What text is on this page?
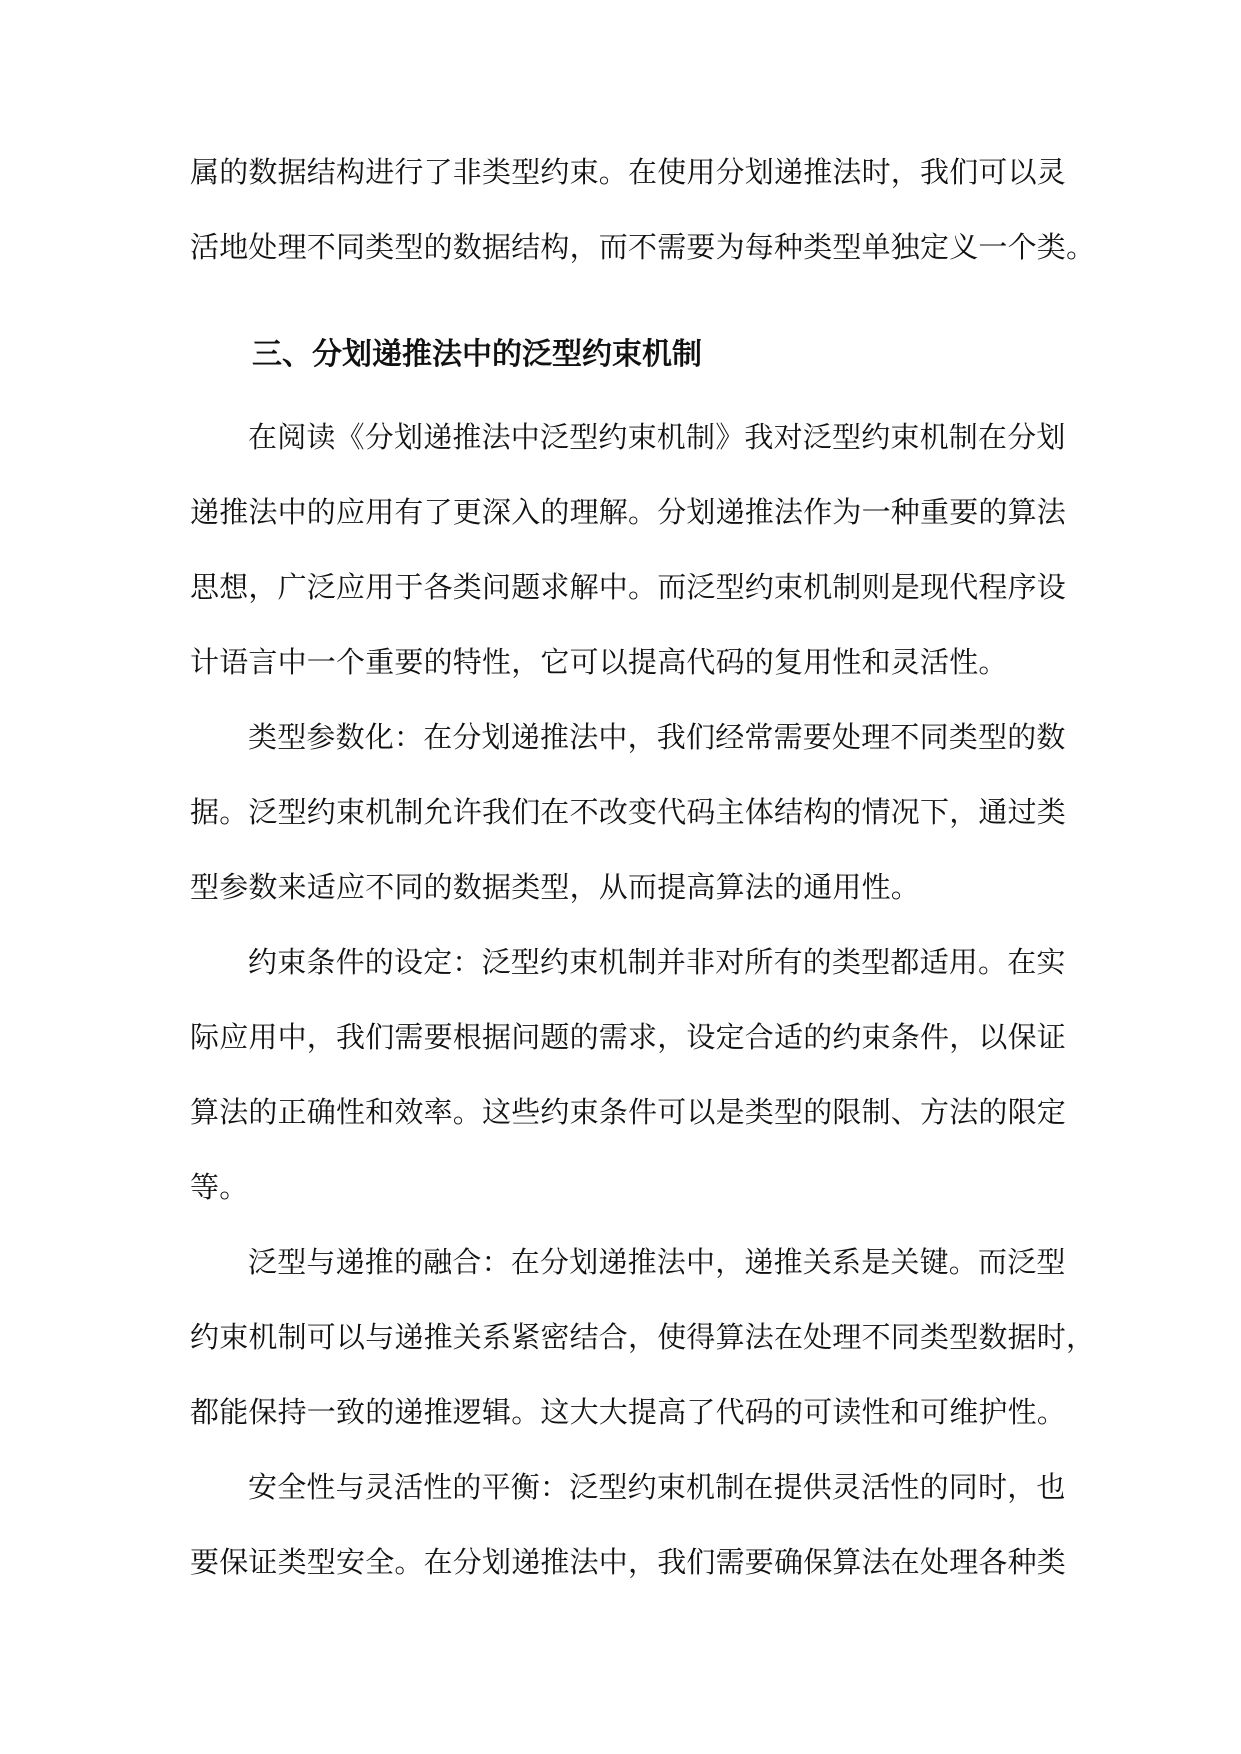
属的数据结构进行了非类型约束。在使用分划递推法时，我们可以灵
活地处理不同类型的数据结构，而不需要为每种类型单独定义一个类。
三、分划递推法中的泛型约束机制
在阅读《分划递推法中泛型约束机制》我对泛型约束机制在分划
递推法中的应用有了更深入的理解。分划递推法作为一种重要的算法
思想，广泛应用于各类问题求解中。而泛型约束机制则是现代程序设
计语言中一个重要的特性，它可以提高代码的复用性和灵活性。
类型参数化：在分划递推法中，我们经常需要处理不同类型的数
据。泛型约束机制允许我们在不改变代码主体结构的情况下，通过类
型参数来适应不同的数据类型，从而提高算法的通用性。
约束条件的设定：泛型约束机制并非对所有的类型都适用。在实
际应用中，我们需要根据问题的需求，设定合适的约束条件，以保证
算法的正确性和效率。这些约束条件可以是类型的限制、方法的限定
等。
泛型与递推的融合：在分划递推法中，递推关系是关键。而泛型
约束机制可以与递推关系紧密结合，使得算法在处理不同类型数据时，
都能保持一致的递推逻辑。这大大提高了代码的可读性和可维护性。
安全性与灵活性的平衡：泛型约束机制在提供灵活性的同时，也
要保证类型安全。在分划递推法中，我们需要确保算法在处理各种类
